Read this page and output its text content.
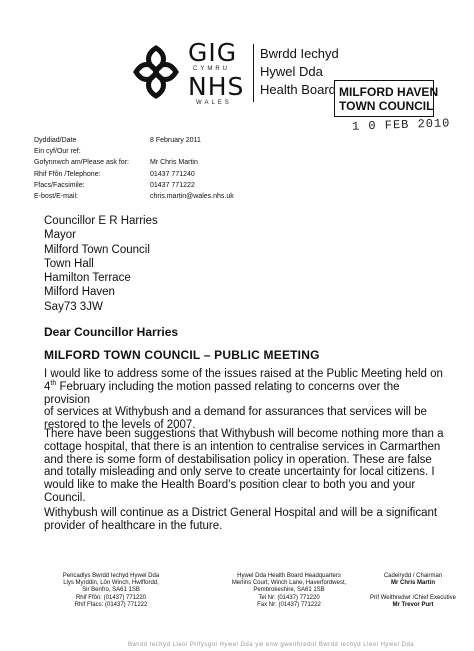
GIG
CYMRU
NHS
WALES
Bwrdd Iechyd
Hywel Dda
Health Board MILFORD HAVEN
TOWN COUNCIL
1 0 FEB 2010
Dyddiad/Date	8 February 2011
Ein cyf/Our ref:
Gofynnwch am/Please ask for:	Mr Chris Martin
Rhif Ffôn /Telephone:	01437 771240
Ffacs/Facsimile:	01437 771222
E-bost/E-mail:	chris.martin@wales.nhs.uk
Councillor E R Harries
Mayor
Milford Town Council
Town Hall
Hamilton Terrace
Milford Haven
Say73 3JW
Dear Councillor Harries
MILFORD TOWN COUNCIL – PUBLIC MEETING
I would like to address some of the issues raised at the Public Meeting held on
4th February including the motion passed relating to concerns over the provision
of services at Withybush and a demand for assurances that services will be
restored to the levels of 2007.
There have been suggestions that Withybush will become nothing more than a
cottage hospital, that there is an intention to centralise services in Carmarthen
and there is some form of destabilisation policy in operation. These are false
and totally misleading and only serve to create uncertainty for local citizens. I
would like to make the Health Board’s position clear to both you and your
Council.
Withybush will continue as a District General Hospital and will be a significant
provider of healthcare in the future.
Pencadlys Bwrdd Iechyd Hywel Dda
Llys Myrddin, Lôn Winch, Hwlffordd,
Sir Benfro, SA61 1SB
Rhif Ffôn: (01437) 771220
Rhif Ffacs: (01437) 771222
Hywel Dda Health Board Headquarters
Merlins Court, Winch Lane, Haverfordwest,
Pembrokeshire, SA61 1SB
Tel Nr: (01437) 771220
Fax Nr: (01437) 771222
Cadeirydd / Chairman
Mr Chris Martin

Prif Weithredwr /Chief Executive
Mr Trevor Purt
Bwrdd Iechyd Lleol Prifysgol Hywel Dda yw enw gweithredol Bwrdd Iechyd Lleol Hywel Dda
